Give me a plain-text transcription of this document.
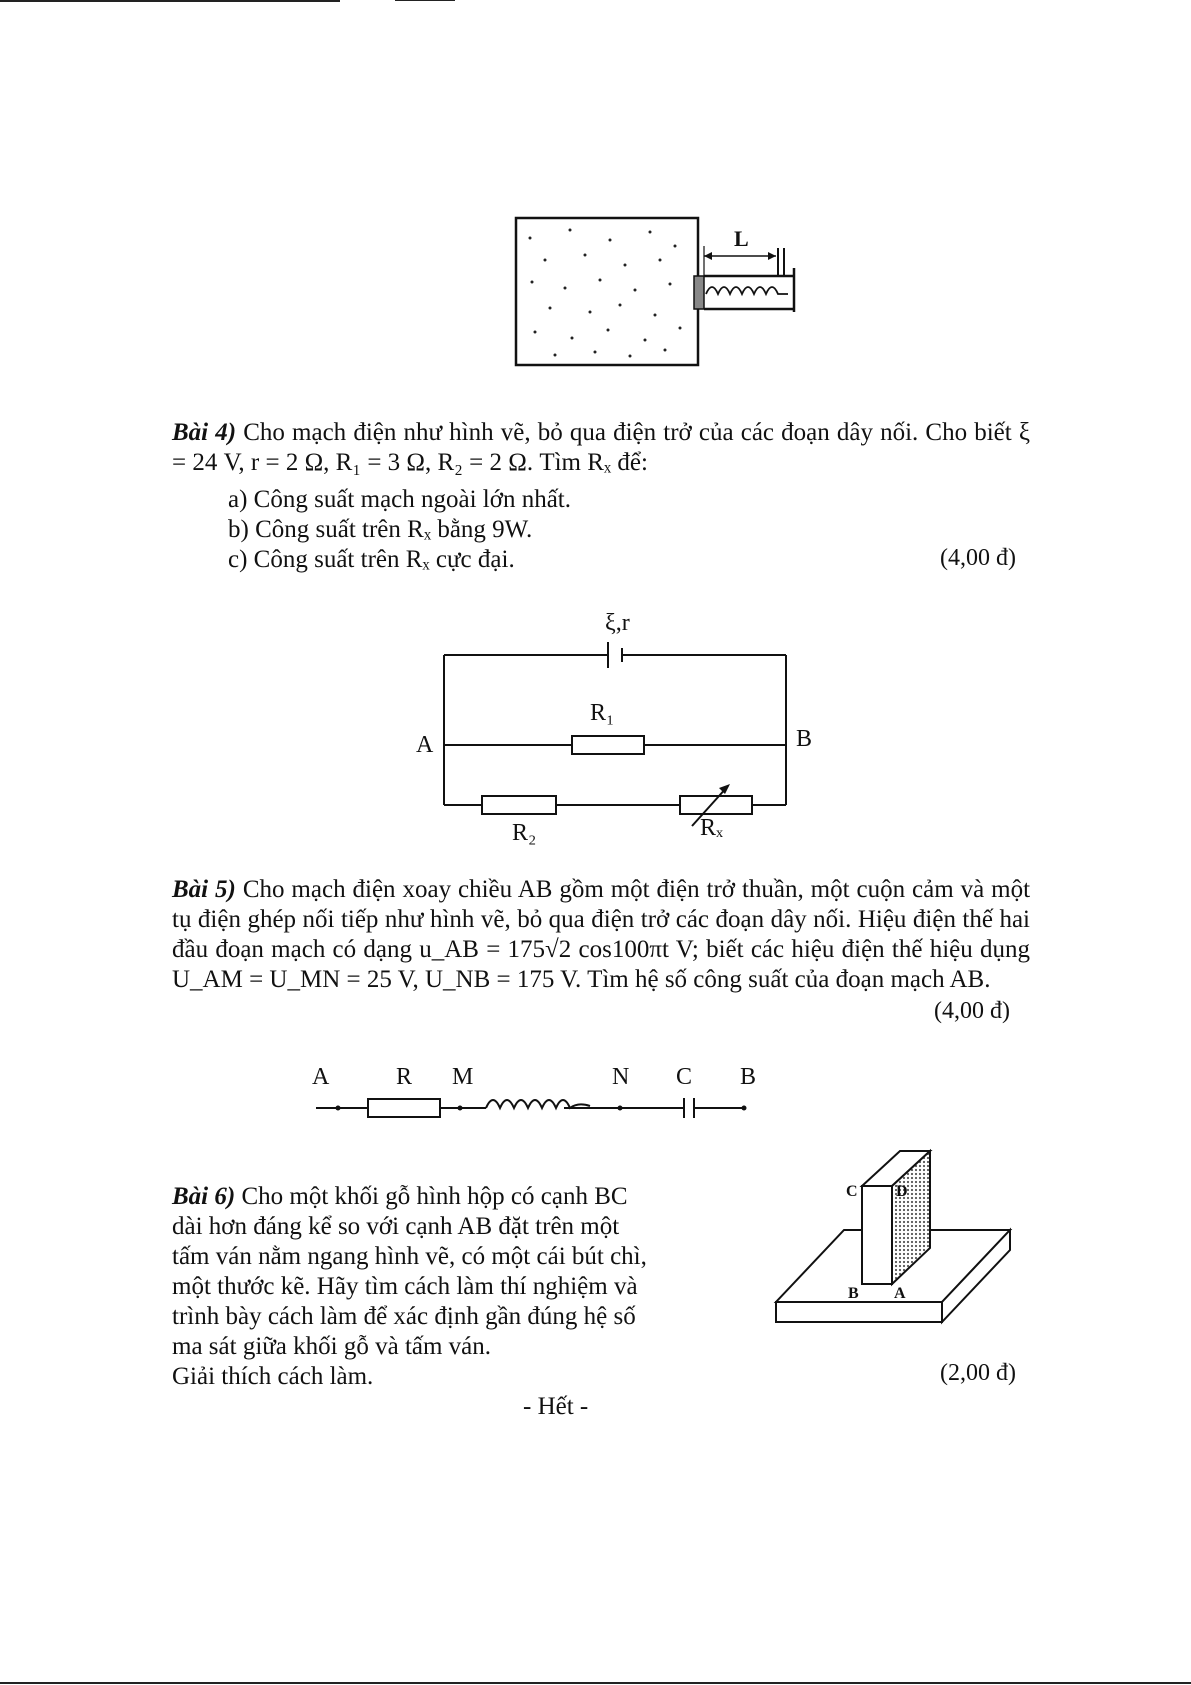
L
Bài 4) Cho mạch điện như hình vẽ, bỏ qua điện trở của các đoạn dây nối. Cho biết ξ = 24 V, r = 2 Ω, R₁ = 3 Ω, R₂ = 2 Ω. Tìm Rₓ để:
a) Công suất mạch ngoài lớn nhất.
b) Công suất trên Rₓ bằng 9W.
c) Công suất trên Rₓ cực đại.	(4,00 đ)
ξ,r
R₁
A	B
R₂	Rₓ
Bài 5) Cho mạch điện xoay chiều AB gồm một điện trở thuần, một cuộn cảm và một tụ điện ghép nối tiếp như hình vẽ, bỏ qua điện trở các đoạn dây nối. Hiệu điện thế hai đầu đoạn mạch có dạng u_AB = 175√2 cos100πt V; biết các hiệu điện thế hiệu dụng U_AM = U_MN = 25 V, U_NB = 175 V. Tìm hệ số công suất của đoạn mạch AB.
(4,00 đ)
A	R M	N C B
Bài 6) Cho một khối gỗ hình hộp có cạnh BC dài hơn đáng kể so với cạnh AB đặt trên một tấm ván nằm ngang hình vẽ, có một cái bút chì, một thước kẽ. Hãy tìm cách làm thí nghiệm và trình bày cách làm để xác định gần đúng hệ số ma sát giữa khối gỗ và tấm ván.
Giải thích cách làm.	(2,00 đ)
C D
B A
- Hết -
